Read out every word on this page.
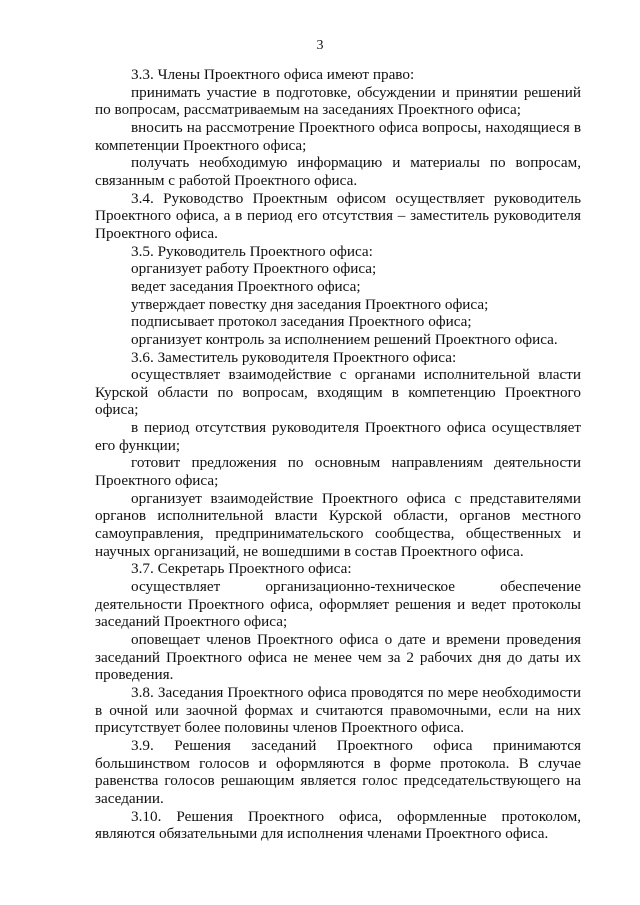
3

3.3. Члены Проектного офиса имеют право:

принимать участие в подготовке, обсуждении и принятии решений по вопросам, рассматриваемым на заседаниях Проектного офиса;

вносить на рассмотрение Проектного офиса вопросы, находящиеся в компетенции Проектного офиса;

получать необходимую информацию и материалы по вопросам, связанным с работой Проектного офиса.

3.4. Руководство Проектным офисом осуществляет руководитель Проектного офиса, а в период его отсутствия – заместитель руководителя Проектного офиса.

3.5. Руководитель Проектного офиса:

организует работу Проектного офиса;

ведет заседания Проектного офиса;

утверждает повестку дня заседания Проектного офиса;

подписывает протокол заседания Проектного офиса;

организует контроль за исполнением решений Проектного офиса.

3.6. Заместитель руководителя Проектного офиса:

осуществляет взаимодействие с органами исполнительной власти Курской области по вопросам, входящим в компетенцию Проектного офиса;

в период отсутствия руководителя Проектного офиса осуществляет его функции;

готовит предложения по основным направлениям деятельности Проектного офиса;

организует взаимодействие Проектного офиса с представителями органов исполнительной власти Курской области, органов местного самоуправления, предпринимательского сообщества, общественных и научных организаций, не вошедшими в состав Проектного офиса.

3.7. Секретарь Проектного офиса:

осуществляет организационно-техническое обеспечение деятельности Проектного офиса, оформляет решения и ведет протоколы заседаний Проектного офиса;

оповещает членов Проектного офиса о дате и времени проведения заседаний Проектного офиса не менее чем за 2 рабочих дня до даты их проведения.

3.8. Заседания Проектного офиса проводятся по мере необходимости в очной или заочной формах и считаются правомочными, если на них присутствует более половины членов Проектного офиса.

3.9. Решения заседаний Проектного офиса принимаются большинством голосов и оформляются в форме протокола. В случае равенства голосов решающим является голос председательствующего на заседании.

3.10. Решения Проектного офиса, оформленные протоколом, являются обязательными для исполнения членами Проектного офиса.
